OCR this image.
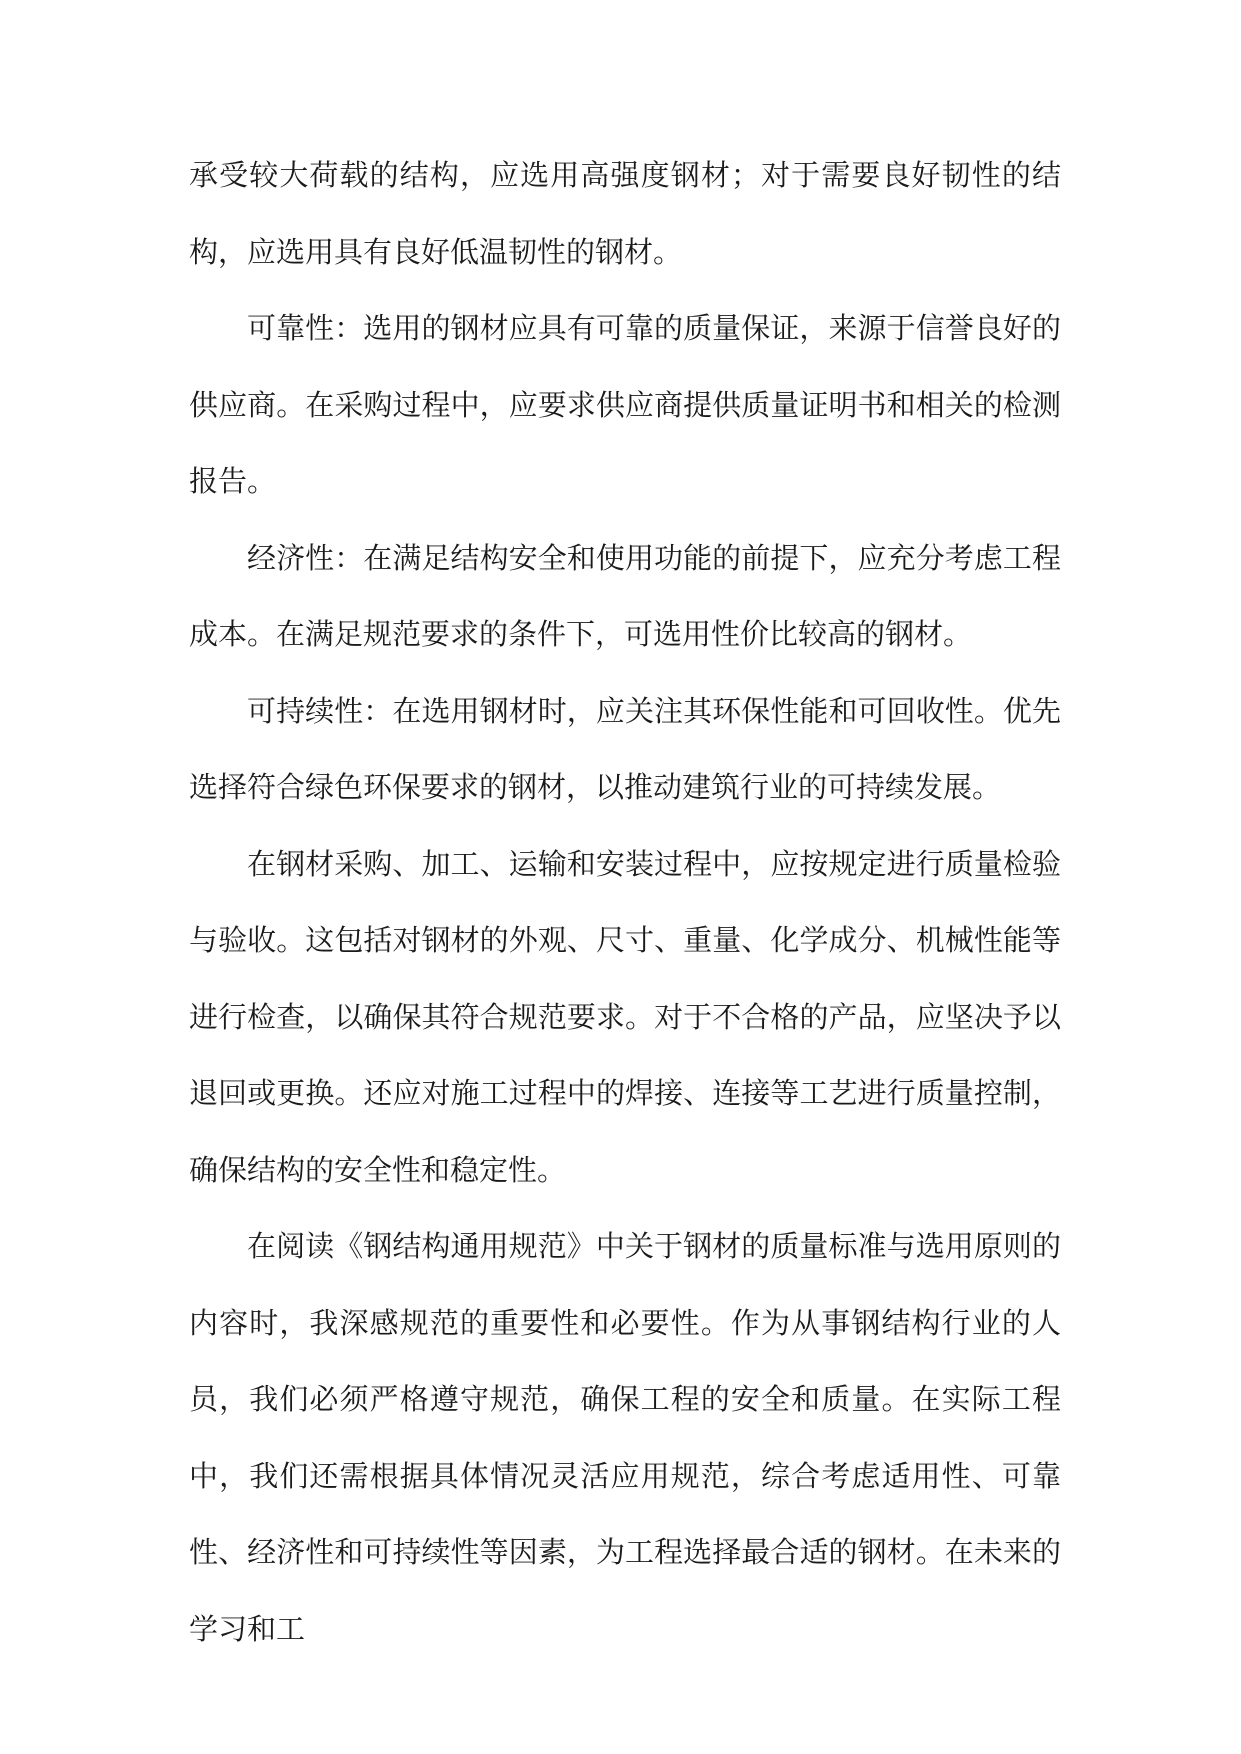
承受较大荷载的结构，应选用高强度钢材；对于需要良好韧性的结构，应选用具有良好低温韧性的钢材。

可靠性：选用的钢材应具有可靠的质量保证，来源于信誉良好的供应商。在采购过程中，应要求供应商提供质量证明书和相关的检测报告。

经济性：在满足结构安全和使用功能的前提下，应充分考虑工程成本。在满足规范要求的条件下，可选用性价比较高的钢材。

可持续性：在选用钢材时，应关注其环保性能和可回收性。优先选择符合绿色环保要求的钢材，以推动建筑行业的可持续发展。

在钢材采购、加工、运输和安装过程中，应按规定进行质量检验与验收。这包括对钢材的外观、尺寸、重量、化学成分、机械性能等进行检查，以确保其符合规范要求。对于不合格的产品，应坚决予以退回或更换。还应对施工过程中的焊接、连接等工艺进行质量控制，确保结构的安全性和稳定性。

在阅读《钢结构通用规范》中关于钢材的质量标准与选用原则的内容时，我深感规范的重要性和必要性。作为从事钢结构行业的人员，我们必须严格遵守规范，确保工程的安全和质量。在实际工程中，我们还需根据具体情况灵活应用规范，综合考虑适用性、可靠性、经济性和可持续性等因素，为工程选择最合适的钢材。在未来的学习和工
